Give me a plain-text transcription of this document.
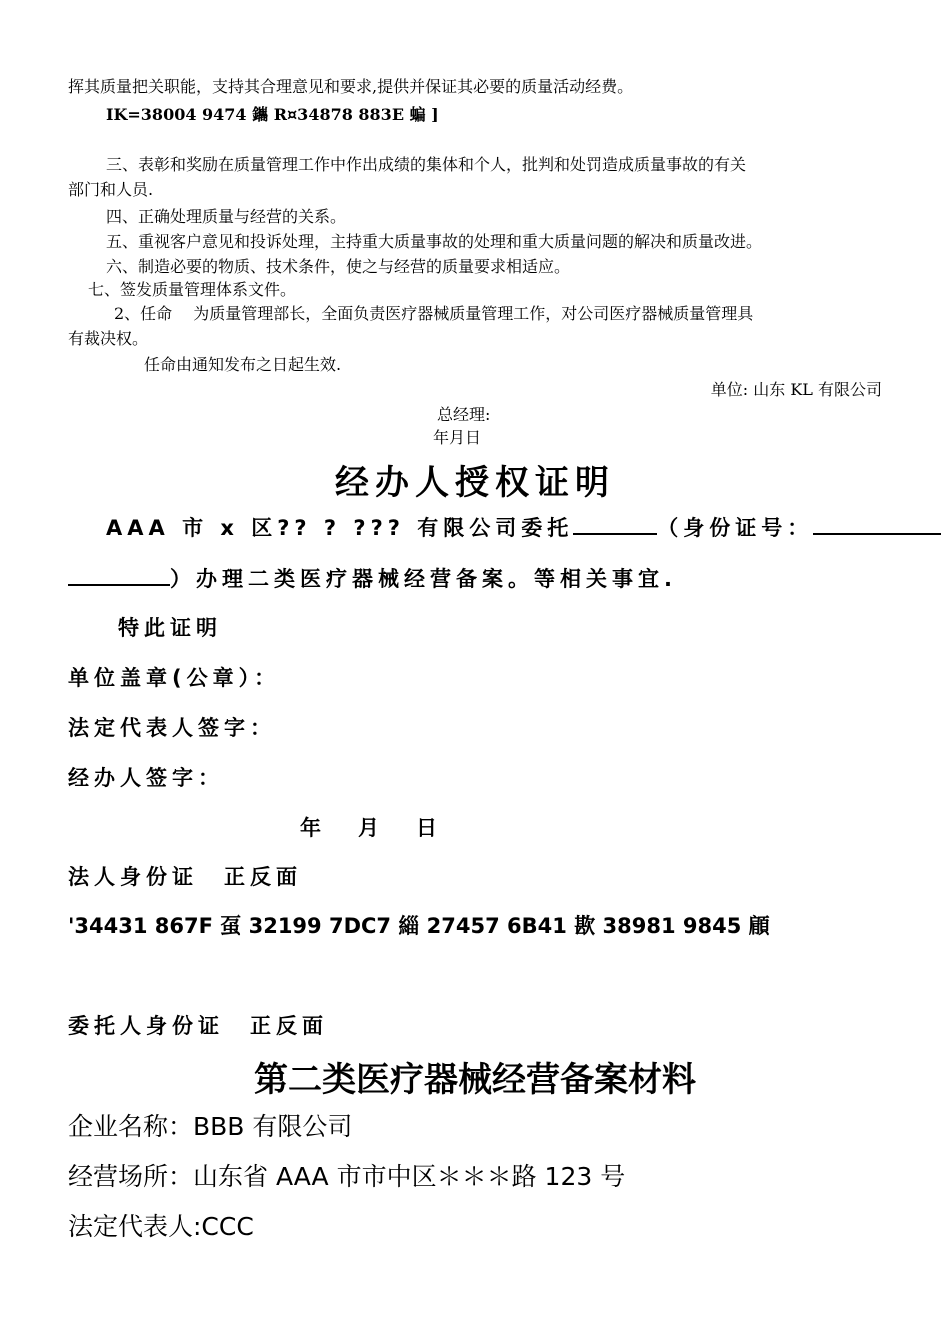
挥其质量把关职能，支持其合理意见和要求,提供并保证其必要的质量活动经费。
IK=38004 9474 鑴 R¤34878 883E 蝙 ]
三、表彰和奖励在质量管理工作中作出成绩的集体和个人，批判和处罚造成质量事故的有关
部门和人员.
四、正确处理质量与经营的关系。
五、重视客户意见和投诉处理，主持重大质量事故的处理和重大质量问题的解决和质量改进。
六、制造必要的物质、技术条件，使之与经营的质量要求相适应。
七、签发质量管理体系文件。
2、任命　 为质量管理部长，全面负责医疗器械质量管理工作，对公司医疗器械质量管理具
有裁决权。
任命由通知发布之日起生效.
单位: 山东 KL 有限公司
总经理:
年月日
经办人授权证明
AAA 市 x 区?? ? ??? 有限公司委托	（身份证号：
）办理二类医疗器械经营备案。等相关事宜.
特此证明
单位盖章(公章）：
法定代表人签字：
经办人签字：
年　月　日
法人身份证　正反面
'34431 867F 虿 32199 7DC7 緇 27457 6B41 歁 38981 9845 顅
委托人身份证　正反面
第二类医疗器械经营备案材料
企业名称：BBB 有限公司
经营场所：山东省 AAA 市市中区＊＊＊路 123 号
法定代表人:CCC
